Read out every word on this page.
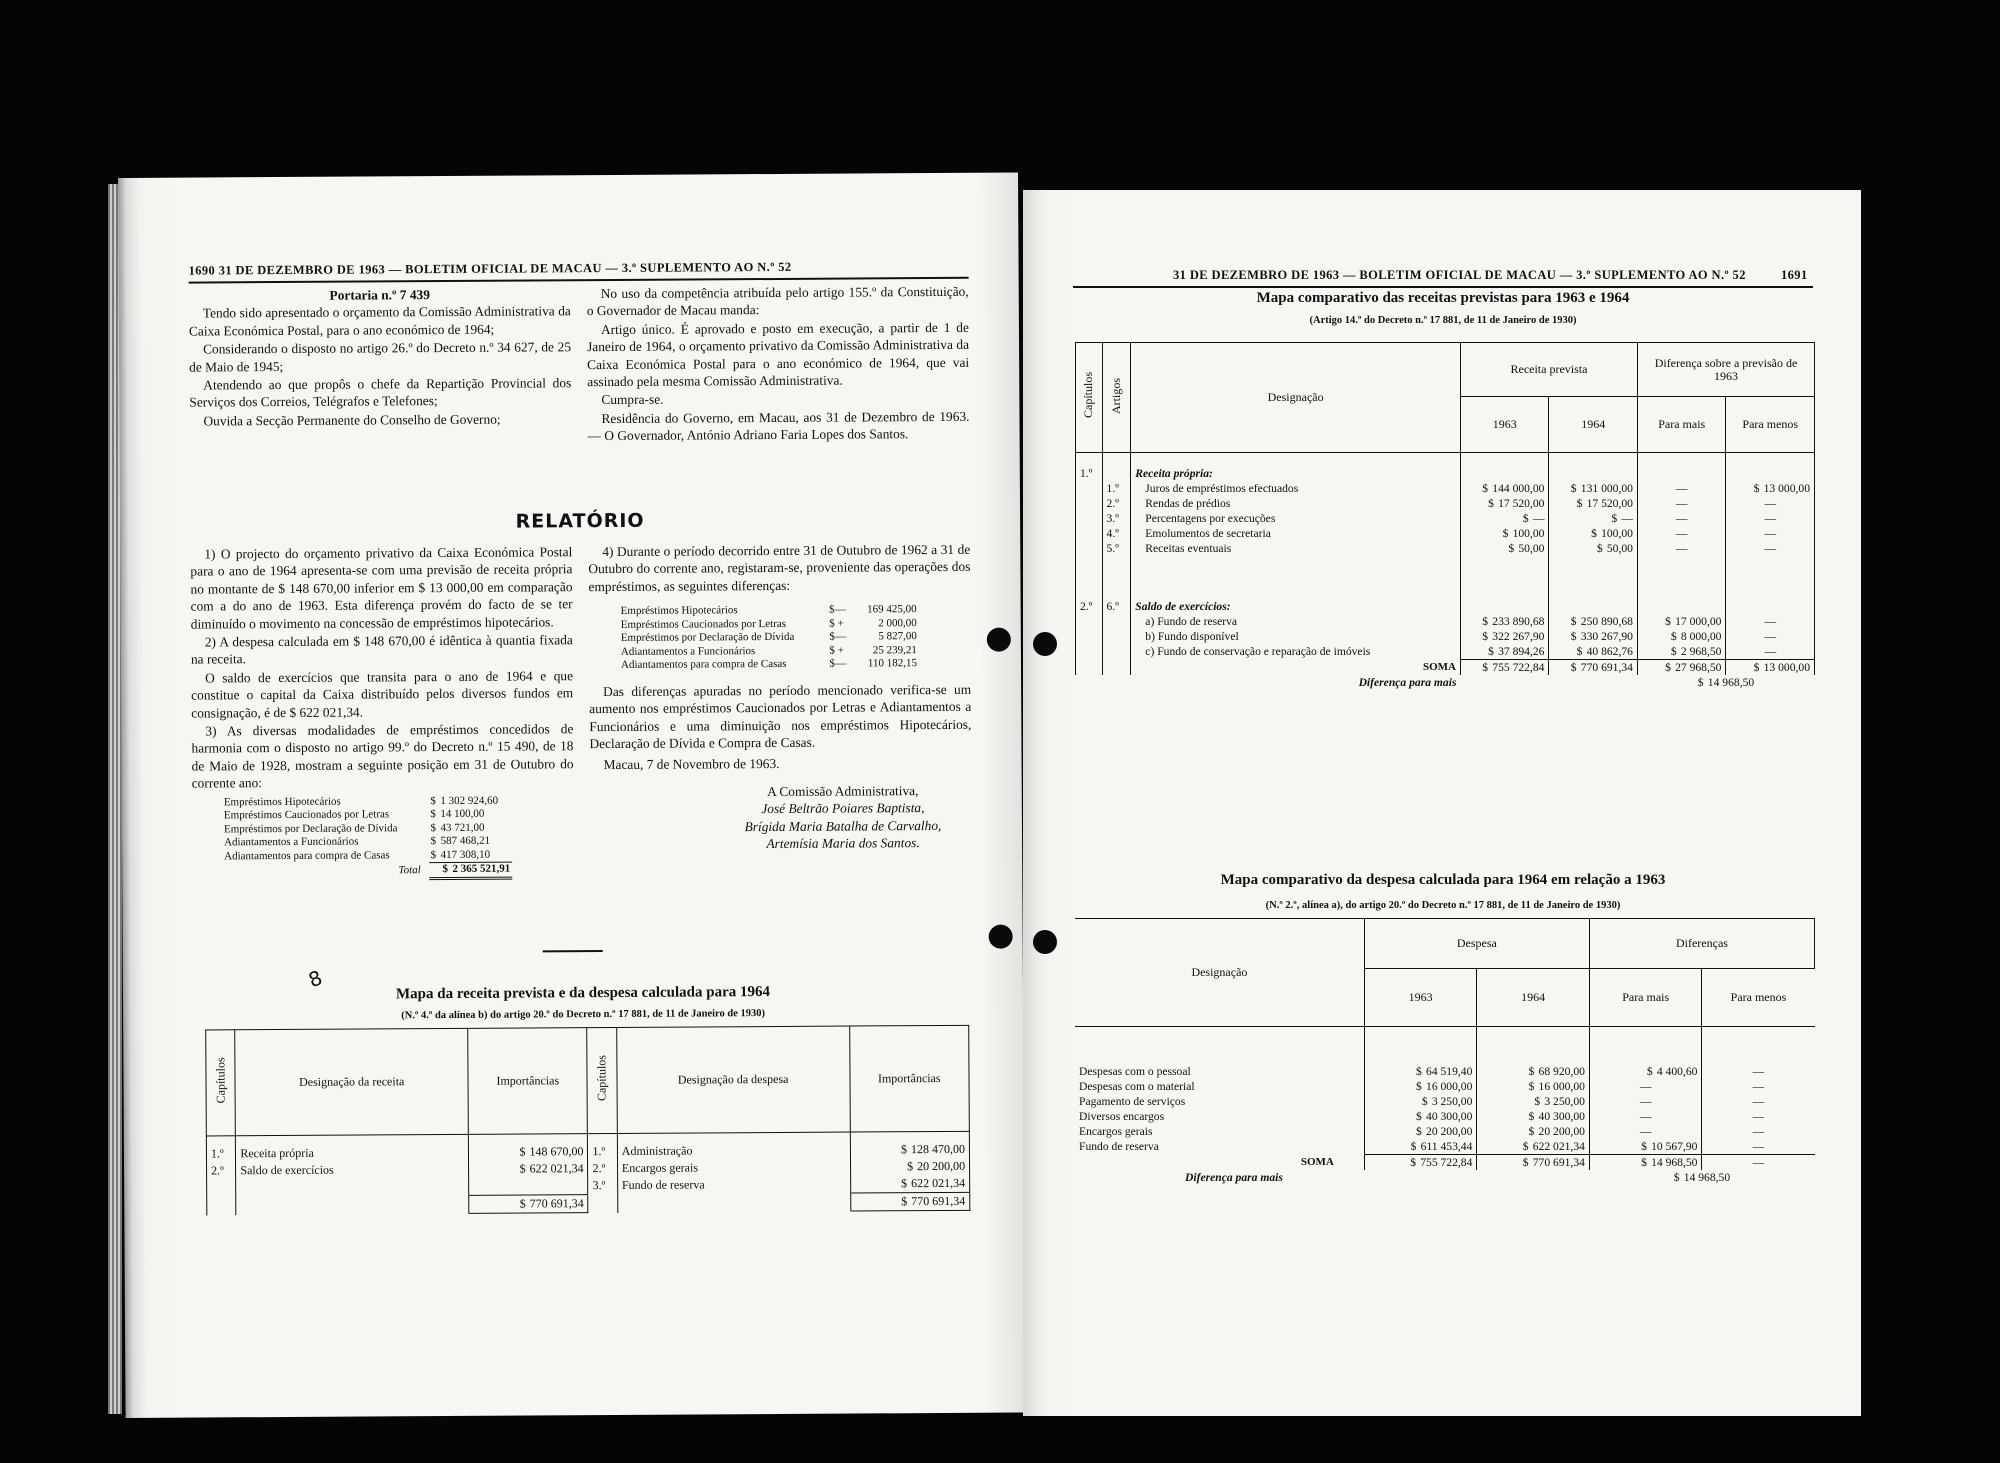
1690 31 DE DEZEMBRO DE 1963 — BOLETIM OFICIAL DE MACAU — 3.º SUPLEMENTO AO N.º 52
Portaria n.º 7 439

Tendo sido apresentado o orçamento da Comissão Administrativa da Caixa Económica Postal, para o ano económico de 1964;

Considerando o disposto no artigo 26.º do Decreto n.º 34 627, de 25 de Maio de 1945;

Atendendo ao que propôs o chefe da Repartição Provincial dos Serviços dos Correios, Telégrafos e Telefones;

Ouvida a Secção Permanente do Conselho de Governo;

No uso da competência atribuída pelo artigo 155.º da Constituição, o Governador de Macau manda:

Artigo único. É aprovado e posto em execução, a partir de 1 de Janeiro de 1964, o orçamento privativo da Comissão Administrativa da Caixa Económica Postal para o ano económico de 1964, que vai assinado pela mesma Comissão Administrativa.

Cumpra-se.

Residência do Governo, em Macau, aos 31 de Dezembro de 1963. — O Governador, António Adriano Faria Lopes dos Santos.

RELATÓRIO

1) O projecto do orçamento privativo da Caixa Económica Postal para o ano de 1964 apresenta-se com uma previsão de receita própria no montante de $ 148 670,00 inferior em $ 13 000,00 em comparação com a do ano de 1963. Esta diferença provém do facto de se ter diminuído o movimento na concessão de empréstimos hipotecários.

2) A despesa calculada em $ 148 670,00 é idêntica à quantia fixada na receita.

O saldo de exercícios que transita para o ano de 1964 e que constitue o capital da Caixa distribuído pelos diversos fundos em consignação, é de $ 622 021,34.

3) As diversas modalidades de empréstimos concedidos de harmonia com o disposto no artigo 99.º do Decreto n.º 15 490, de 18 de Maio de 1928, mostram a seguinte posição em 31 de Outubro do corrente ano:

Empréstimos Hipotecários	$ 1 302 924,60
Empréstimos Caucionados por Letras	$ 14 100,00
Empréstimos por Declaração de Dívida	$ 43 721,00
Adiantamentos a Funcionários	$ 587 468,21
Adiantamentos para compra de Casas	$ 417 308,10
Total	$ 2 365 521,91

4) Durante o período decorrido entre 31 de Outubro de 1962 a 31 de Outubro do corrente ano, registaram-se, proveniente das operações dos empréstimos, as seguintes diferenças:

Empréstimos Hipotecários	$— 169 425,00
Empréstimos Caucionados por Letras	$ + 2 000,00
Empréstimos por Declaração de Dívida	$— 5 827,00
Adiantamentos a Funcionários	$ + 25 239,21
Adiantamentos para compra de Casas	$— 110 182,15

Das diferenças apuradas no período mencionado verifica-se um aumento nos empréstimos Caucionados por Letras e Adiantamentos a Funcionários e uma diminuição nos empréstimos Hipotecários, Declaração de Dívida e Compra de Casas.

Macau, 7 de Novembro de 1963.

A Comissão Administrativa,
José Beltrão Poiares Baptista,
Brígida Maria Batalha de Carvalho,
Artemísia Maria dos Santos.
8
Mapa da receita prevista e da despesa calculada para 1964
(N.º 4.º da alínea b) do artigo 20.º do Decreto n.º 17 881, de 11 de Janeiro de 1930)
Capítulos	Designação da receita	Importâncias	Capítulos	Designação da despesa	Importâncias
1.º	Receita própria	$ 148 670,00	1.º	Administração	$ 128 470,00
2.º	Saldo de exercícios	$ 622 021,34	2.º	Encargos gerais	$ 20 200,00
			3.º	Fundo de reserva	$ 622 021,34
		$ 770 691,34			$ 770 691,34
31 DE DEZEMBRO DE 1963 — BOLETIM OFICIAL DE MACAU — 3.º SUPLEMENTO AO N.º 52	1691
Mapa comparativo das receitas previstas para 1963 e 1964
(Artigo 14.º do Decreto n.º 17 881, de 11 de Janeiro de 1930)
Capítulos	Artigos	Designação	Receita prevista		Diferença sobre a previsão de 1963	
			1963	1964	Para mais	Para menos
1.º		Receita própria:				
	1.º	Juros de empréstimos efectuados	$ 144 000,00	$ 131 000,00	—	$ 13 000,00
	2.º	Rendas de prédios	$ 17 520,00	$ 17 520,00	—	—
	3.º	Percentagens por execuções	$ —	$ —	—	—
	4.º	Emolumentos de secretaria	$ 100,00	$ 100,00	—	—
	5.º	Receitas eventuais	$ 50,00	$ 50,00	—	—

2.º	6.º	Saldo de exercícios:				
		a) Fundo de reserva	$ 233 890,68	$ 250 890,68	$ 17 000,00	—
		b) Fundo disponível	$ 322 267,90	$ 330 267,90	$ 8 000,00	—
		c) Fundo de conservação e reparação de imóveis	$ 37 894,26	$ 40 862,76	$ 2 968,50	—
		SOMA	$ 755 722,84	$ 770 691,34	$ 27 968,50	$ 13 000,00
		Diferença para mais			$ 14 968,50	
Mapa comparativo da despesa calculada para 1964 em relação a 1963
(N.º 2.º, alínea a), do artigo 20.º do Decreto n.º 17 881, de 11 de Janeiro de 1930)
Designação	Despesa		Diferenças	
	1963	1964	Para mais	Para menos
Despesas com o pessoal	$ 64 519,40	$ 68 920,00	$ 4 400,60	—
Despesas com o material	$ 16 000,00	$ 16 000,00	—	—
Pagamento de serviços	$ 3 250,00	$ 3 250,00	—	—
Diversos encargos	$ 40 300,00	$ 40 300,00	—	—
Encargos gerais	$ 20 200,00	$ 20 200,00	—	—
Fundo de reserva	$ 611 453,44	$ 622 021,34	$ 10 567,90	—
SOMA	$ 755 722,84	$ 770 691,34	$ 14 968,50	—
Diferença para mais			$ 14 968,50	
